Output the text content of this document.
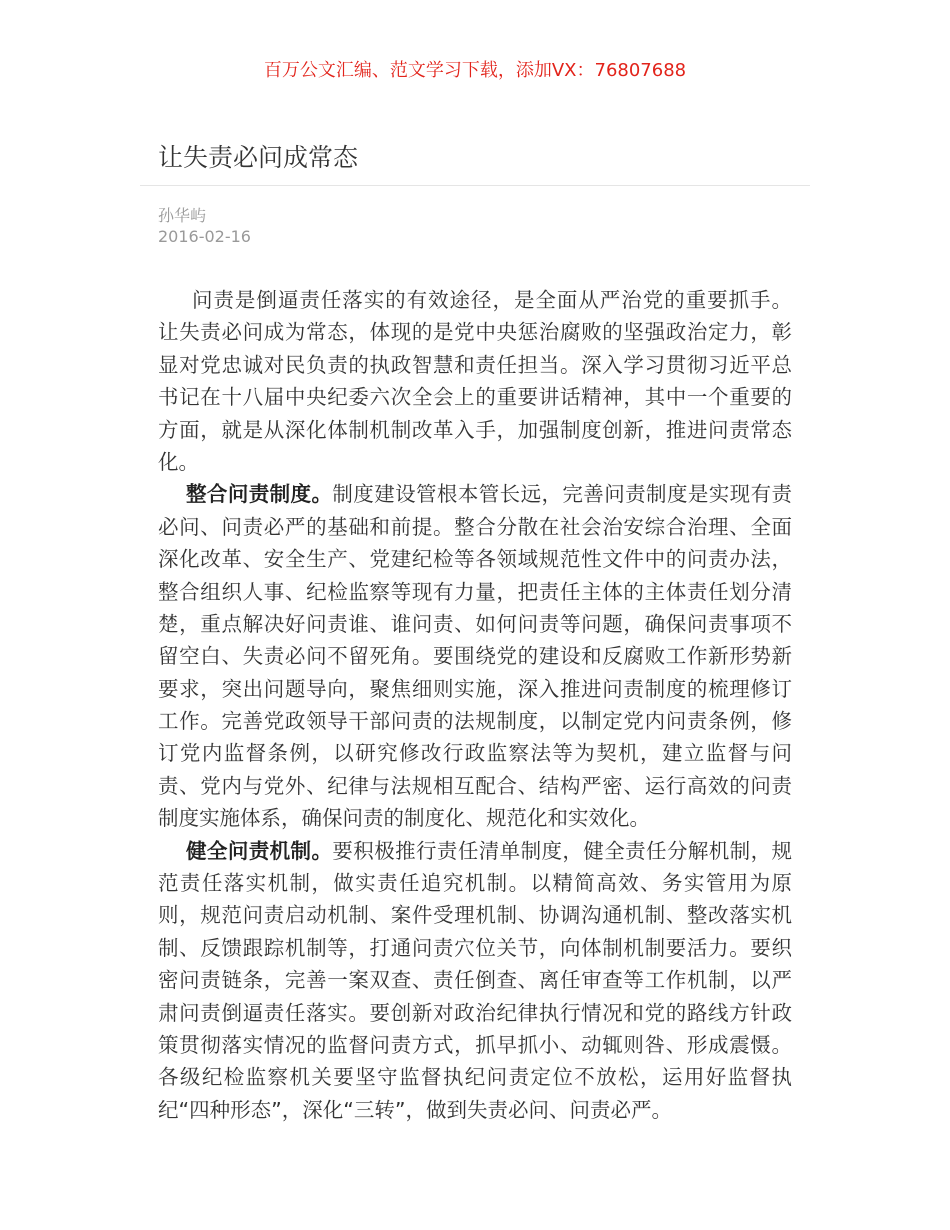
百万公文汇编、范文学习下载，添加VX：76807688
让失责必问成常态
孙华屿
2016-02-16
问责是倒逼责任落实的有效途径，是全面从严治党的重要抓手。
让失责必问成为常态，体现的是党中央惩治腐败的坚强政治定力，彰
显对党忠诚对民负责的执政智慧和责任担当。深入学习贯彻习近平总
书记在十八届中央纪委六次全会上的重要讲话精神，其中一个重要的
方面，就是从深化体制机制改革入手，加强制度创新，推进问责常态
化。
整合问责制度。制度建设管根本管长远，完善问责制度是实现有责
必问、问责必严的基础和前提。整合分散在社会治安综合治理、全面
深化改革、安全生产、党建纪检等各领域规范性文件中的问责办法，
整合组织人事、纪检监察等现有力量，把责任主体的主体责任划分清
楚，重点解决好问责谁、谁问责、如何问责等问题，确保问责事项不
留空白、失责必问不留死角。要围绕党的建设和反腐败工作新形势新
要求，突出问题导向，聚焦细则实施，深入推进问责制度的梳理修订
工作。完善党政领导干部问责的法规制度，以制定党内问责条例，修
订党内监督条例，以研究修改行政监察法等为契机，建立监督与问
责、党内与党外、纪律与法规相互配合、结构严密、运行高效的问责
制度实施体系，确保问责的制度化、规范化和实效化。
健全问责机制。要积极推行责任清单制度，健全责任分解机制，规
范责任落实机制，做实责任追究机制。以精简高效、务实管用为原
则，规范问责启动机制、案件受理机制、协调沟通机制、整改落实机
制、反馈跟踪机制等，打通问责穴位关节，向体制机制要活力。要织
密问责链条，完善一案双查、责任倒查、离任审查等工作机制，以严
肃问责倒逼责任落实。要创新对政治纪律执行情况和党的路线方针政
策贯彻落实情况的监督问责方式，抓早抓小、动辄则咎、形成震慑。
各级纪检监察机关要坚守监督执纪问责定位不放松，运用好监督执
纪“四种形态”，深化“三转”，做到失责必问、问责必严。
